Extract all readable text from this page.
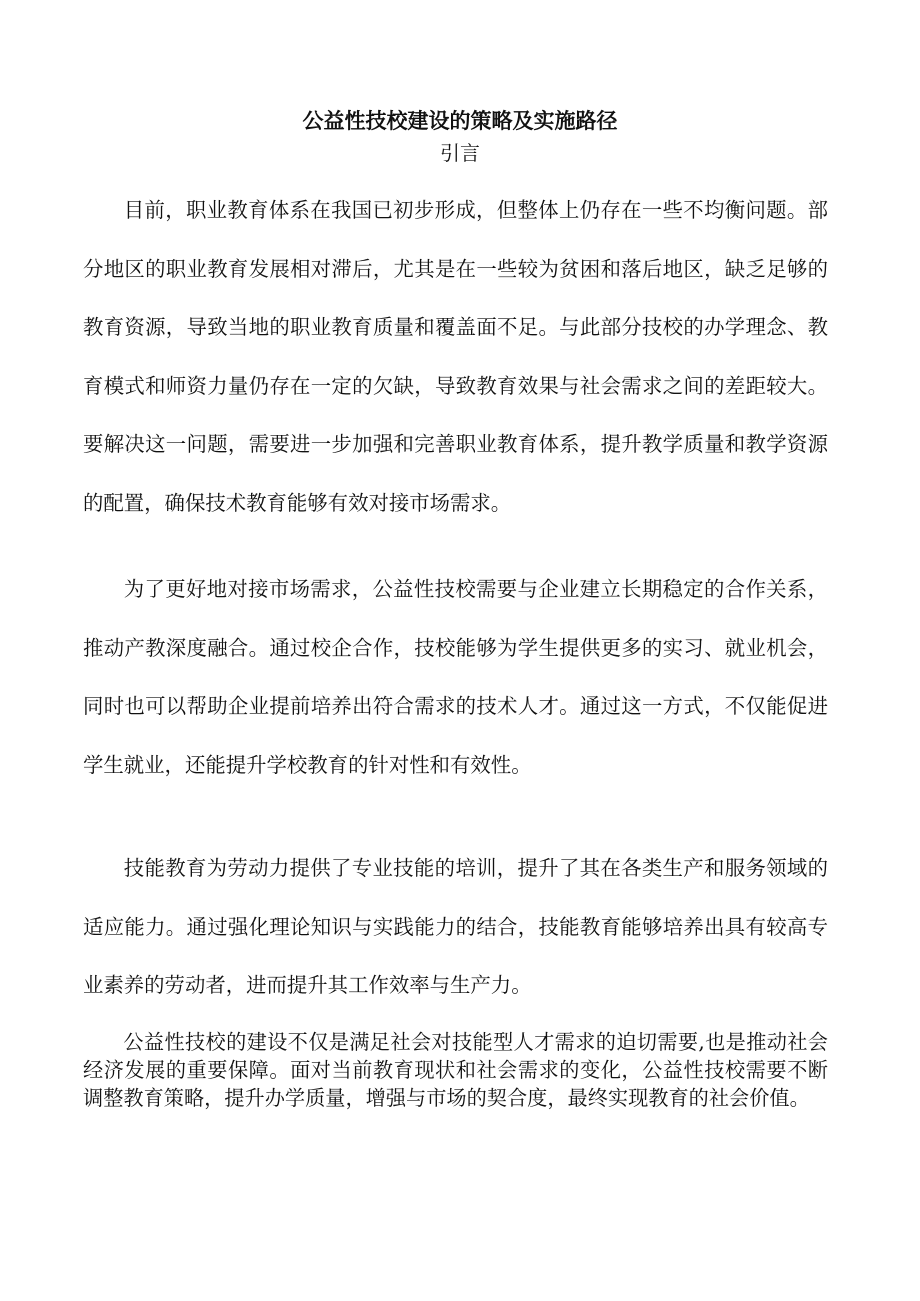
公益性技校建设的策略及实施路径
引言

目前，职业教育体系在我国已初步形成，但整体上仍存在一些不均衡问题。部分地区的职业教育发展相对滞后，尤其是在一些较为贫困和落后地区，缺乏足够的教育资源，导致当地的职业教育质量和覆盖面不足。与此部分技校的办学理念、教育模式和师资力量仍存在一定的欠缺，导致教育效果与社会需求之间的差距较大。要解决这一问题，需要进一步加强和完善职业教育体系，提升教学质量和教学资源的配置，确保技术教育能够有效对接市场需求。

为了更好地对接市场需求，公益性技校需要与企业建立长期稳定的合作关系，推动产教深度融合。通过校企合作，技校能够为学生提供更多的实习、就业机会，同时也可以帮助企业提前培养出符合需求的技术人才。通过这一方式，不仅能促进学生就业，还能提升学校教育的针对性和有效性。

技能教育为劳动力提供了专业技能的培训，提升了其在各类生产和服务领域的适应能力。通过强化理论知识与实践能力的结合，技能教育能够培养出具有较高专业素养的劳动者，进而提升其工作效率与生产力。

公益性技校的建设不仅是满足社会对技能型人才需求的迫切需要,也是推动社会经济发展的重要保障。面对当前教育现状和社会需求的变化，公益性技校需要不断调整教育策略，提升办学质量，增强与市场的契合度，最终实现教育的社会价值。
